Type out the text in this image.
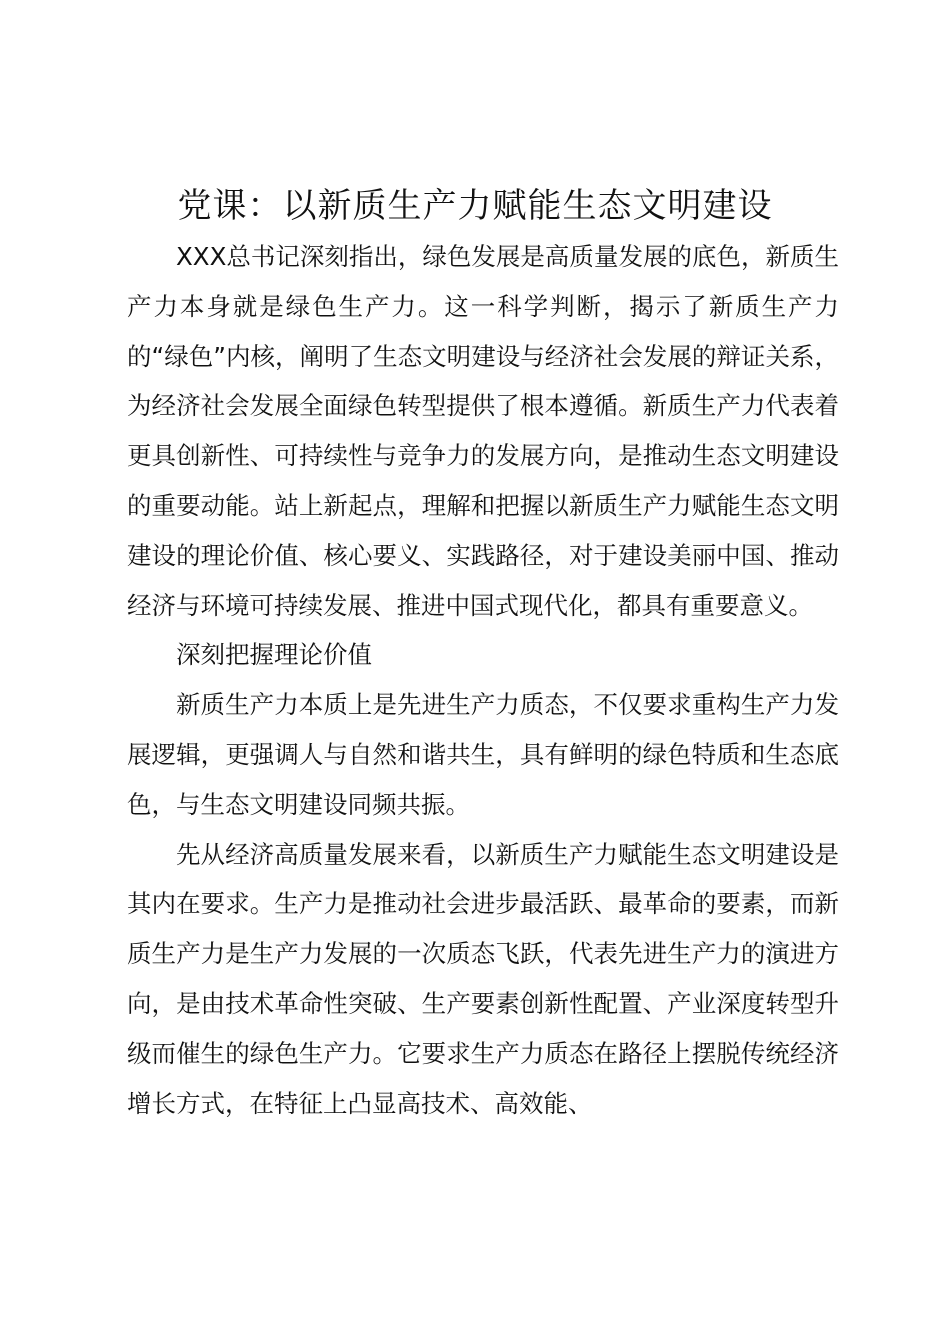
党课：以新质生产力赋能生态文明建设

XXX总书记深刻指出，绿色发展是高质量发展的底色，新质生产力本身就是绿色生产力。这一科学判断，揭示了新质生产力的“绿色”内核，阐明了生态文明建设与经济社会发展的辩证关系，为经济社会发展全面绿色转型提供了根本遵循。新质生产力代表着更具创新性、可持续性与竞争力的发展方向，是推动生态文明建设的重要动能。站上新起点，理解和把握以新质生产力赋能生态文明建设的理论价值、核心要义、实践路径，对于建设美丽中国、推动经济与环境可持续发展、推进中国式现代化，都具有重要意义。

深刻把握理论价值

新质生产力本质上是先进生产力质态，不仅要求重构生产力发展逻辑，更强调人与自然和谐共生，具有鲜明的绿色特质和生态底色，与生态文明建设同频共振。

先从经济高质量发展来看，以新质生产力赋能生态文明建设是其内在要求。生产力是推动社会进步最活跃、最革命的要素，而新质生产力是生产力发展的一次质态飞跃，代表先进生产力的演进方向，是由技术革命性突破、生产要素创新性配置、产业深度转型升级而催生的绿色生产力。它要求生产力质态在路径上摆脱传统经济增长方式，在特征上凸显高技术、高效能、
